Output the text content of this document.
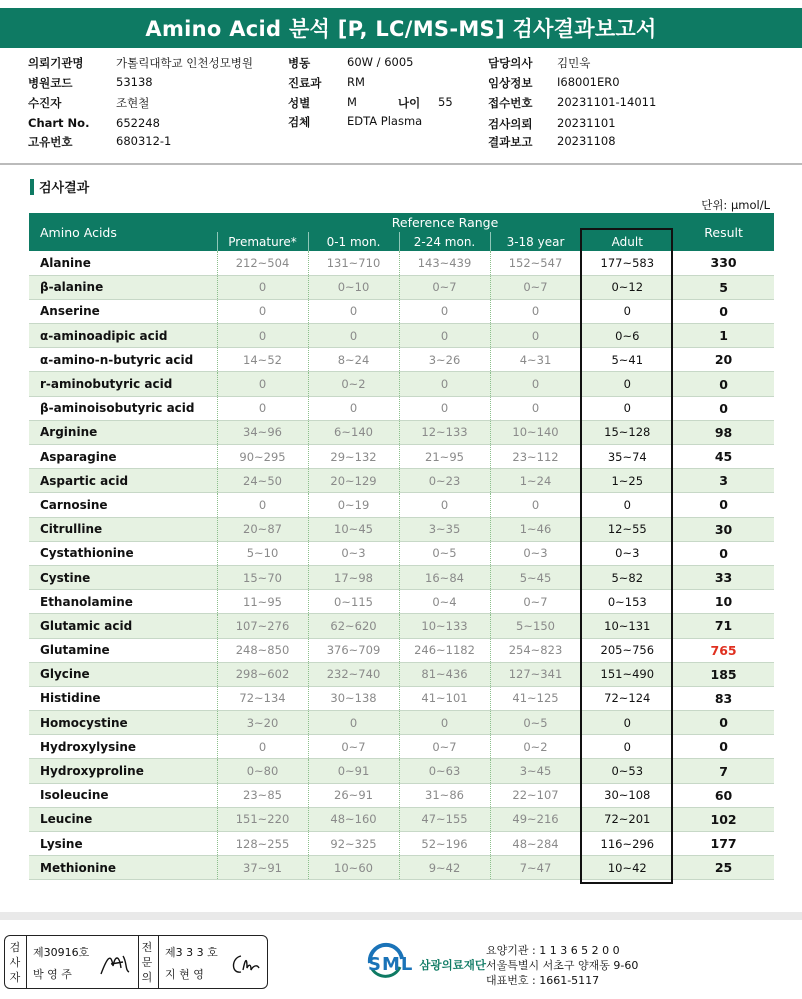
Amino Acid 분석 [P, LC/MS-MS] 검사결과보고서
의뢰기관명	가톨릭대학교 인천성모병원
병원코드	53138
수진자	조현철
Chart No. 652248
고유번호	680312-1
병동	60W / 6005
진료과 RM
성별	M	나이 55
검체	EDTA Plasma
담당의사 김민욱
임상정보 I68001ER0
접수번호 20231101-14011
검사의뢰 20231101
결과보고 20231108
검사결과
단위: μmol/L
Amino Acids	Reference Range					Result
	Premature*	0-1 mon.	2-24 mon.	3-18 year	Adult	
Alanine	212~504	131~710	143~439	152~547	177~583	330
β-alanine	0	0~10	0~7	0~7	0~12	5
Anserine	0	0	0	0	0	0
α-aminoadipic acid	0	0	0	0	0~6	1
α-amino-n-butyric acid	14~52	8~24	3~26	4~31	5~41	20
r-aminobutyric acid	0	0~2	0	0	0	0
β-aminoisobutyric acid	0	0	0	0	0	0
Arginine	34~96	6~140	12~133	10~140	15~128	98
Asparagine	90~295	29~132	21~95	23~112	35~74	45
Aspartic acid	24~50	20~129	0~23	1~24	1~25	3
Carnosine	0	0~19	0	0	0	0
Citrulline	20~87	10~45	3~35	1~46	12~55	30
Cystathionine	5~10	0~3	0~5	0~3	0~3	0
Cystine	15~70	17~98	16~84	5~45	5~82	33
Ethanolamine	11~95	0~115	0~4	0~7	0~153	10
Glutamic acid	107~276	62~620	10~133	5~150	10~131	71
Glutamine	248~850	376~709	246~1182	254~823	205~756	765
Glycine	298~602	232~740	81~436	127~341	151~490	185
Histidine	72~134	30~138	41~101	41~125	72~124	83
Homocystine	3~20	0	0	0~5	0	0
Hydroxylysine	0	0~7	0~7	0~2	0	0
Hydroxyproline	0~80	0~91	0~63	3~45	0~53	7
Isoleucine	23~85	26~91	31~86	22~107	30~108	60
Leucine	151~220	48~160	47~155	49~216	72~201	102
Lysine	128~255	92~325	52~196	48~284	116~296	177
Methionine	37~91	10~60	9~42	7~47	10~42	25
검사자
제30916호
박 영 주
전문의
제3 3 3 호
지 현 영	SML 삼광의료재단
요양기관 : 1 1 3 6 5 2 0 0
서울특별시 서초구 양재동 9-60
대표번호 : 1661-5117
